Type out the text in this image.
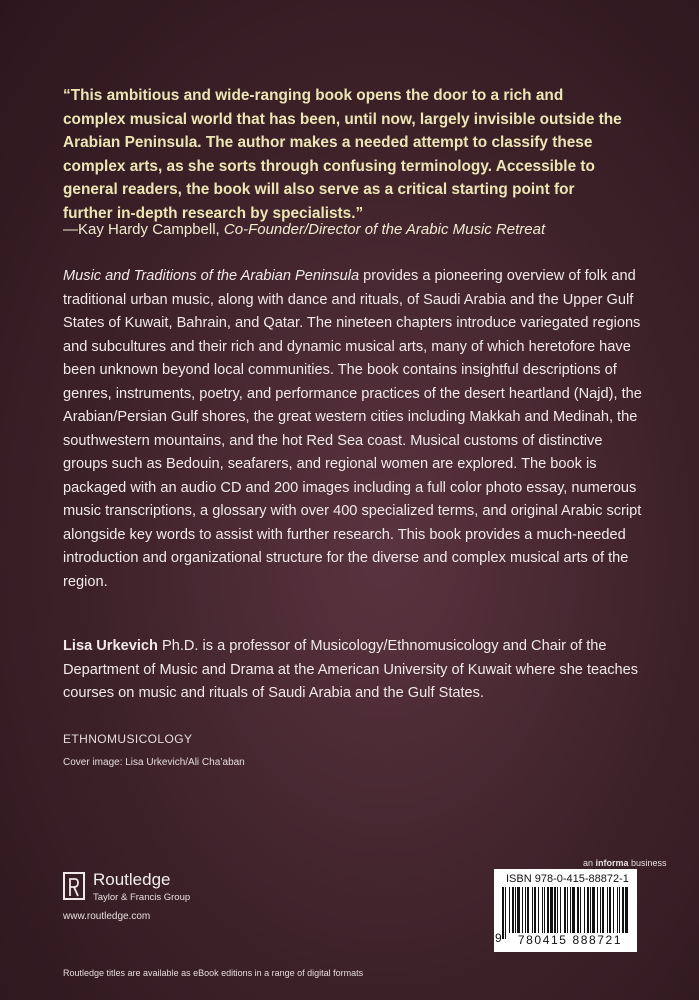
“This ambitious and wide-ranging book opens the door to a rich and complex musical world that has been, until now, largely invisible outside the Arabian Peninsula. The author makes a needed attempt to classify these complex arts, as she sorts through confusing terminology. Accessible to general readers, the book will also serve as a critical starting point for further in-depth research by specialists.”
—Kay Hardy Campbell, Co-Founder/Director of the Arabic Music Retreat
Music and Traditions of the Arabian Peninsula provides a pioneering overview of folk and traditional urban music, along with dance and rituals, of Saudi Arabia and the Upper Gulf States of Kuwait, Bahrain, and Qatar. The nineteen chapters introduce variegated regions and subcultures and their rich and dynamic musical arts, many of which heretofore have been unknown beyond local communities. The book contains insightful descriptions of genres, instruments, poetry, and performance practices of the desert heartland (Najd), the Arabian/Persian Gulf shores, the great western cities including Makkah and Medinah, the southwestern mountains, and the hot Red Sea coast. Musical customs of distinctive groups such as Bedouin, seafarers, and regional women are explored. The book is packaged with an audio CD and 200 images including a full color photo essay, numerous music transcriptions, a glossary with over 400 specialized terms, and original Arabic script alongside key words to assist with further research. This book provides a much-needed introduction and organizational structure for the diverse and complex musical arts of the region.
Lisa Urkevich Ph.D. is a professor of Musicology/Ethnomusicology and Chair of the Department of Music and Drama at the American University of Kuwait where she teaches courses on music and rituals of Saudi Arabia and the Gulf States.
ETHNOMUSICOLOGY
Cover image: Lisa Urkevich/Ali Cha’aban
Routledge
Taylor & Francis Group
www.routledge.com
Routledge titles are available as eBook editions in a range of digital formats
an informa business
ISBN 978-0-415-88872-1
9	780415 888721
